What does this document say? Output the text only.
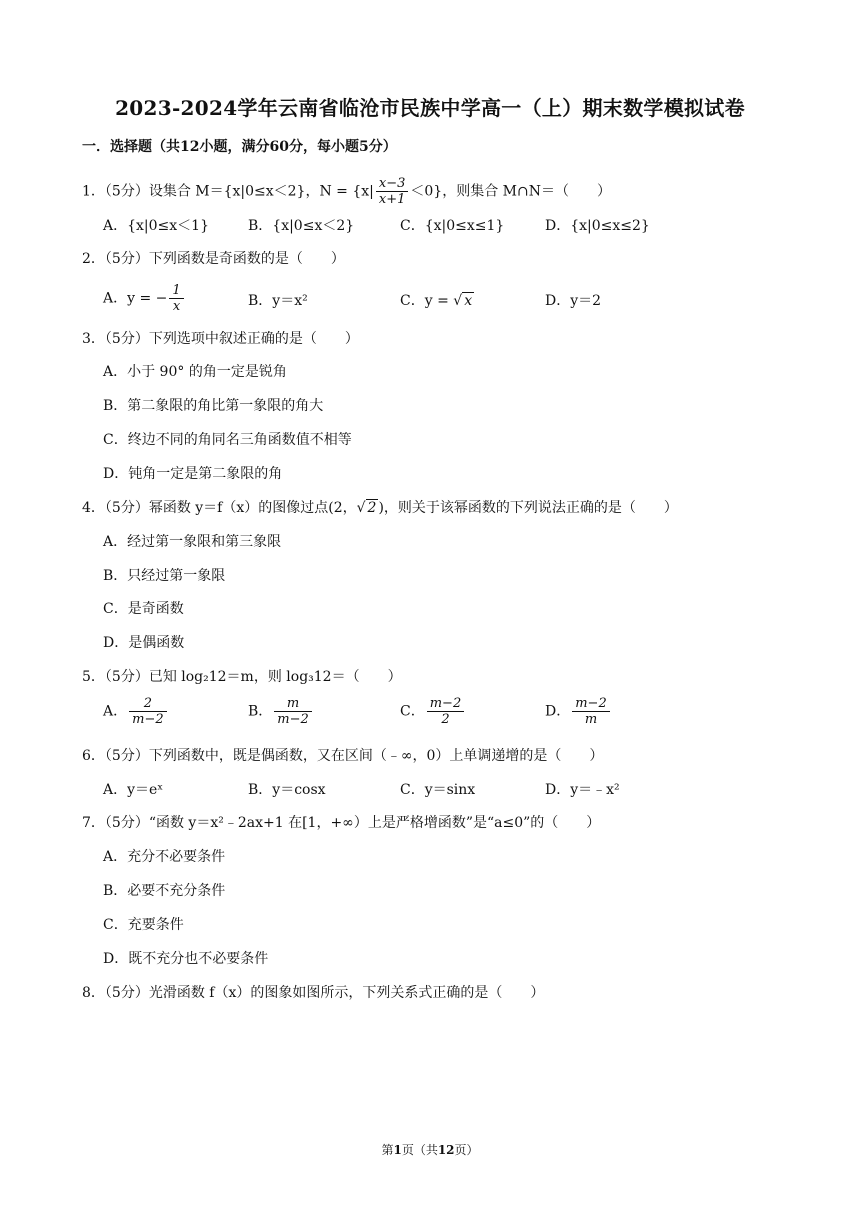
2023-2024学年云南省临沧市民族中学高一（上）期末数学模拟试卷
一．选择题（共12小题，满分60分，每小题5分）
1．（5分）设集合 M＝{x|0≤x＜2}，$N = \{x| \frac{x-3}{x+1} <0\}$，则集合 M∩N＝（　　）
A．{x|0≤x＜1}	B．{x|0≤x＜2}	C．{x|0≤x≤1}	D．{x|0≤x≤2}
2．（5分）下列函数是奇函数的是（　　）
A．y = − $\frac{1}{x}$	B．y＝x²	C．y = √ x	D．y＝2
3．（5分）下列选项中叙述正确的是（　　）
A．小于 90° 的角一定是锐角
B．第二象限的角比第一象限的角大
C．终边不同的角同名三角函数值不相等
D．钝角一定是第二象限的角
4．（5分）幂函数 y＝f（x）的图像过点(2，√ 2 )，则关于该幂函数的下列说法正确的是（　　）
A．经过第一象限和第三象限
B．只经过第一象限
C．是奇函数
D．是偶函数
5．（5分）已知 log₂12＝m，则 log₃12＝（　　）
A． $\frac{2}{m-2}$	B． $\frac{m}{m-2}$	C． $\frac{m-2}{2}$	D． $\frac{m-2}{m}$
6．（5分）下列函数中，既是偶函数，又在区间（﹣∞，0）上单调递增的是（　　）
A．y＝eˣ	B．y＝cosx	C．y＝sinx	D．y＝﹣x²
7．（5分）“函数 y＝x²﹣2ax+1 在[1，+∞）上是严格增函数”是“a≤0”的（　　）
A．充分不必要条件
B．必要不充分条件
C．充要条件
D．既不充分也不必要条件
8．（5分）光滑函数 f（x）的图象如图所示，下列关系式正确的是（　　）
第1页（共12页）
